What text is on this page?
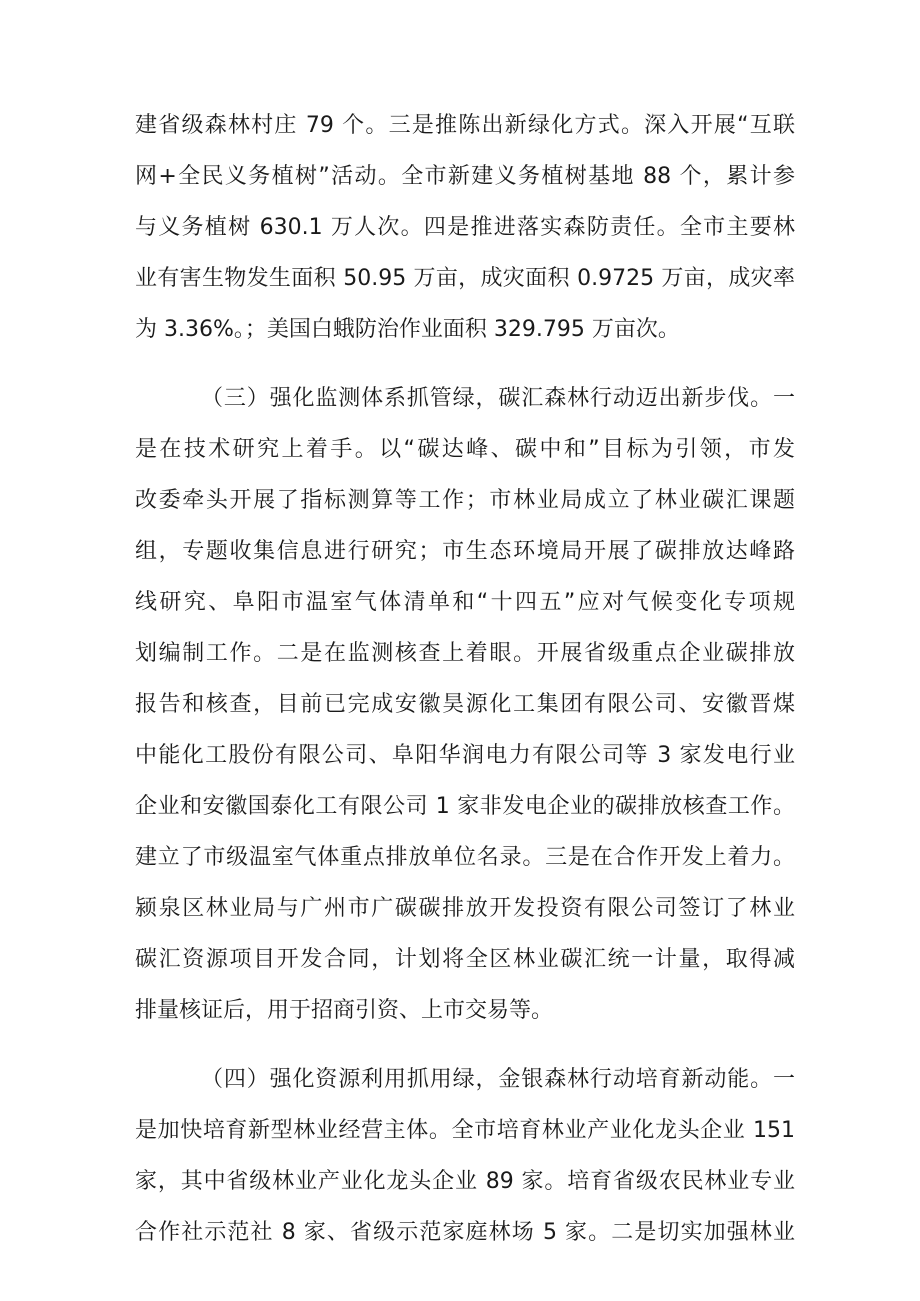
建省级森林村庄 79 个。三是推陈出新绿化方式。深入开展“互联
网+全民义务植树”活动。全市新建义务植树基地 88 个，累计参
与义务植树 630.1 万人次。四是推进落实森防责任。全市主要林
业有害生物发生面积 50.95 万亩，成灾面积 0.9725 万亩，成灾率
为 3.36%。；美国白蛾防治作业面积 329.795 万亩次。
（三）强化监测体系抓管绿，碳汇森林行动迈出新步伐。一
是在技术研究上着手。以“碳达峰、碳中和”目标为引领，市发
改委牵头开展了指标测算等工作；市林业局成立了林业碳汇课题
组，专题收集信息进行研究；市生态环境局开展了碳排放达峰路
线研究、阜阳市温室气体清单和“十四五”应对气候变化专项规
划编制工作。二是在监测核查上着眼。开展省级重点企业碳排放
报告和核查，目前已完成安徽昊源化工集团有限公司、安徽晋煤
中能化工股份有限公司、阜阳华润电力有限公司等 3 家发电行业
企业和安徽国泰化工有限公司 1 家非发电企业的碳排放核查工作。
建立了市级温室气体重点排放单位名录。三是在合作开发上着力。
颍泉区林业局与广州市广碳碳排放开发投资有限公司签订了林业
碳汇资源项目开发合同，计划将全区林业碳汇统一计量，取得减
排量核证后，用于招商引资、上市交易等。
（四）强化资源利用抓用绿，金银森林行动培育新动能。一
是加快培育新型林业经营主体。全市培育林业产业化龙头企业 151
家，其中省级林业产业化龙头企业 89 家。培育省级农民林业专业
合作社示范社 8 家、省级示范家庭林场 5 家。二是切实加强林业
